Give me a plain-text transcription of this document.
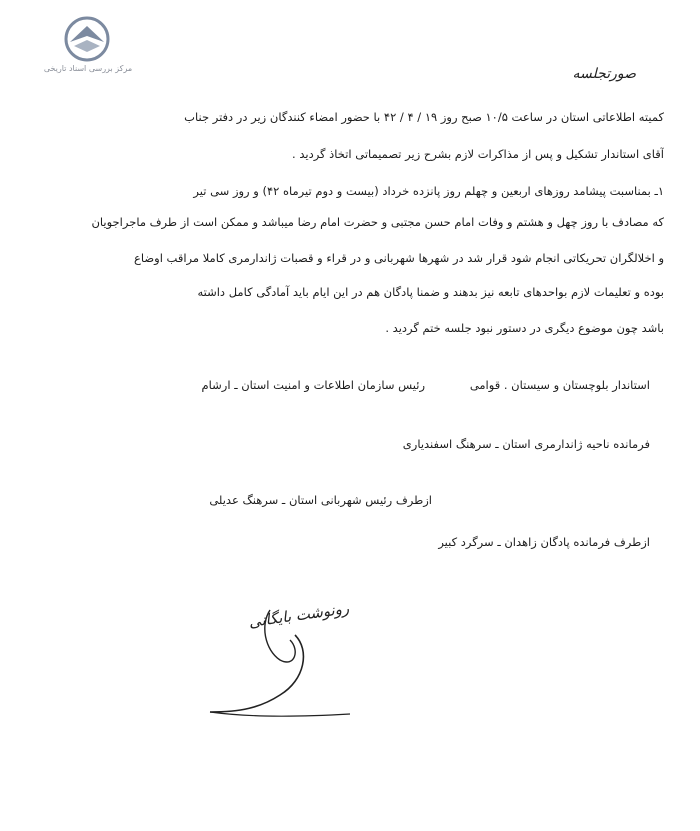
مرکز بررسی اسناد تاریخی	صورتجلسه
کمیته اطلاعاتی استان در ساعت ۱۰/۵ صبح روز ۱۹ / ۴ / ۴۲ با حضور امضاء کنندگان زیر در دفتر جناب
آقای استاندار تشکیل و پس از مذاکرات لازم بشرح زیر تصمیماتی اتخاذ گردید .
۱ـ بمناسبت پیشامد روزهای اربعین و چهلم روز پانزده خرداد (بیست و دوم تیرماه ۴۲) و روز سی تیر
که مصادف با روز چهل و هشتم و وفات امام حسن مجتبی و حضرت امام رضا میباشد و ممکن است از طرف ماجراجویان
و اخلالگران تحریکاتی انجام شود قرار شد در شهرها شهربانی و در قراء و قصبات ژاندارمری کاملا مراقب اوضاع
بوده و تعلیمات لازم بواحدهای تابعه نیز بدهند و ضمنا پادگان هم در این ایام باید آمادگی کامل داشته
باشد چون موضوع دیگری در دستور نبود جلسه ختم گردید .
استاندار بلوچستان و سیستان . قوامی
رئیس سازمان اطلاعات و امنیت استان ـ ارشام
فرمانده ناحیه ژاندارمری استان ـ سرهنگ اسفندیاری
ازطرف رئیس شهربانی استان ـ سرهنگ عدیلی
ازطرف فرمانده پادگان زاهدان ـ سرگرد کبیر
رونوشت بایگانی
